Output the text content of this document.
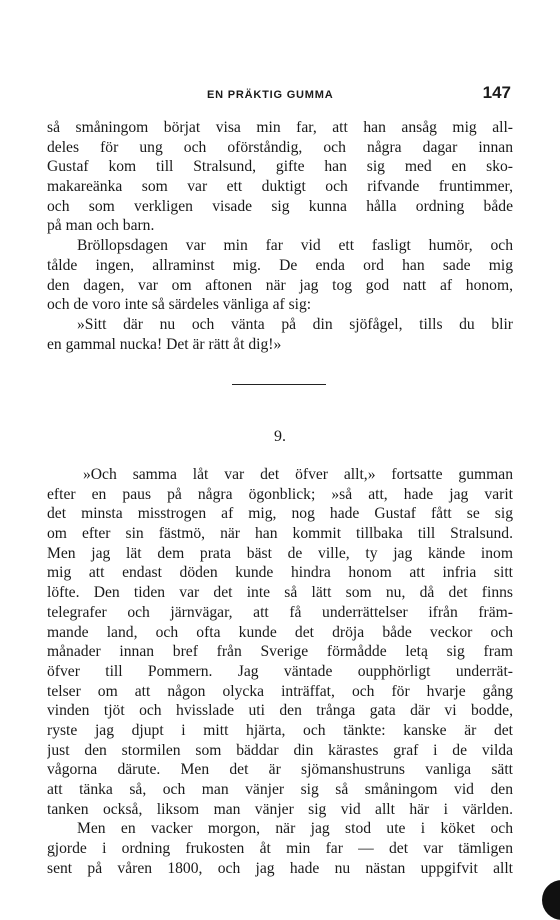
EN PRÄKTIG GUMMA	147
så småningom börjat visa min far, att han ansåg mig all-
deles för ung och oförståndig, och några dagar innan
Gustaf kom till Stralsund, gifte han sig med en sko-
makareänka som var ett duktigt och rifvande fruntimmer,
och som verkligen visade sig kunna hålla ordning både
på man och barn.
Bröllopsdagen var min far vid ett fasligt humör, och
tålde ingen, allraminst mig. De enda ord han sade mig
den dagen, var om aftonen när jag tog god natt af honom,
och de voro inte så särdeles vänliga af sig:
»Sitt där nu och vänta på din sjöfågel, tills du blir
en gammal nucka! Det är rätt åt dig!»
9.
»Och samma låt var det öfver allt,» fortsatte gumman
efter en paus på några ögonblick; »så att, hade jag varit
det minsta misstrogen af mig, nog hade Gustaf fått se sig
om efter sin fästmö, när han kommit tillbaka till Stralsund.
Men jag lät dem prata bäst de ville, ty jag kände inom
mig att endast döden kunde hindra honom att infria sitt
löfte. Den tiden var det inte så lätt som nu, då det finns
telegrafer och järnvägar, att få underrättelser ifrån främ-
mande land, och ofta kunde det dröja både veckor och
månader innan bref från Sverige förmådde letą sig fram
öfver till Pommern. Jag väntade oupphörligt underrät-
telser om att någon olycka inträffat, och för hvarje gång
vinden tjöt och hvisslade uti den trånga gata där vi bodde,
ryste jag djupt i mitt hjärta, och tänkte: kanske är det
just den stormilen som bäddar din kärastes graf i de vilda
vågorna därute. Men det är sjömanshustruns vanliga sätt
att tänka så, och man vänjer sig så småningom vid den
tanken också, liksom man vänjer sig vid allt här i världen.
Men en vacker morgon, när jag stod ute i köket och
gjorde i ordning frukosten åt min far — det var tämligen
sent på våren 1800, och jag hade nu nästan uppgifvit allt
